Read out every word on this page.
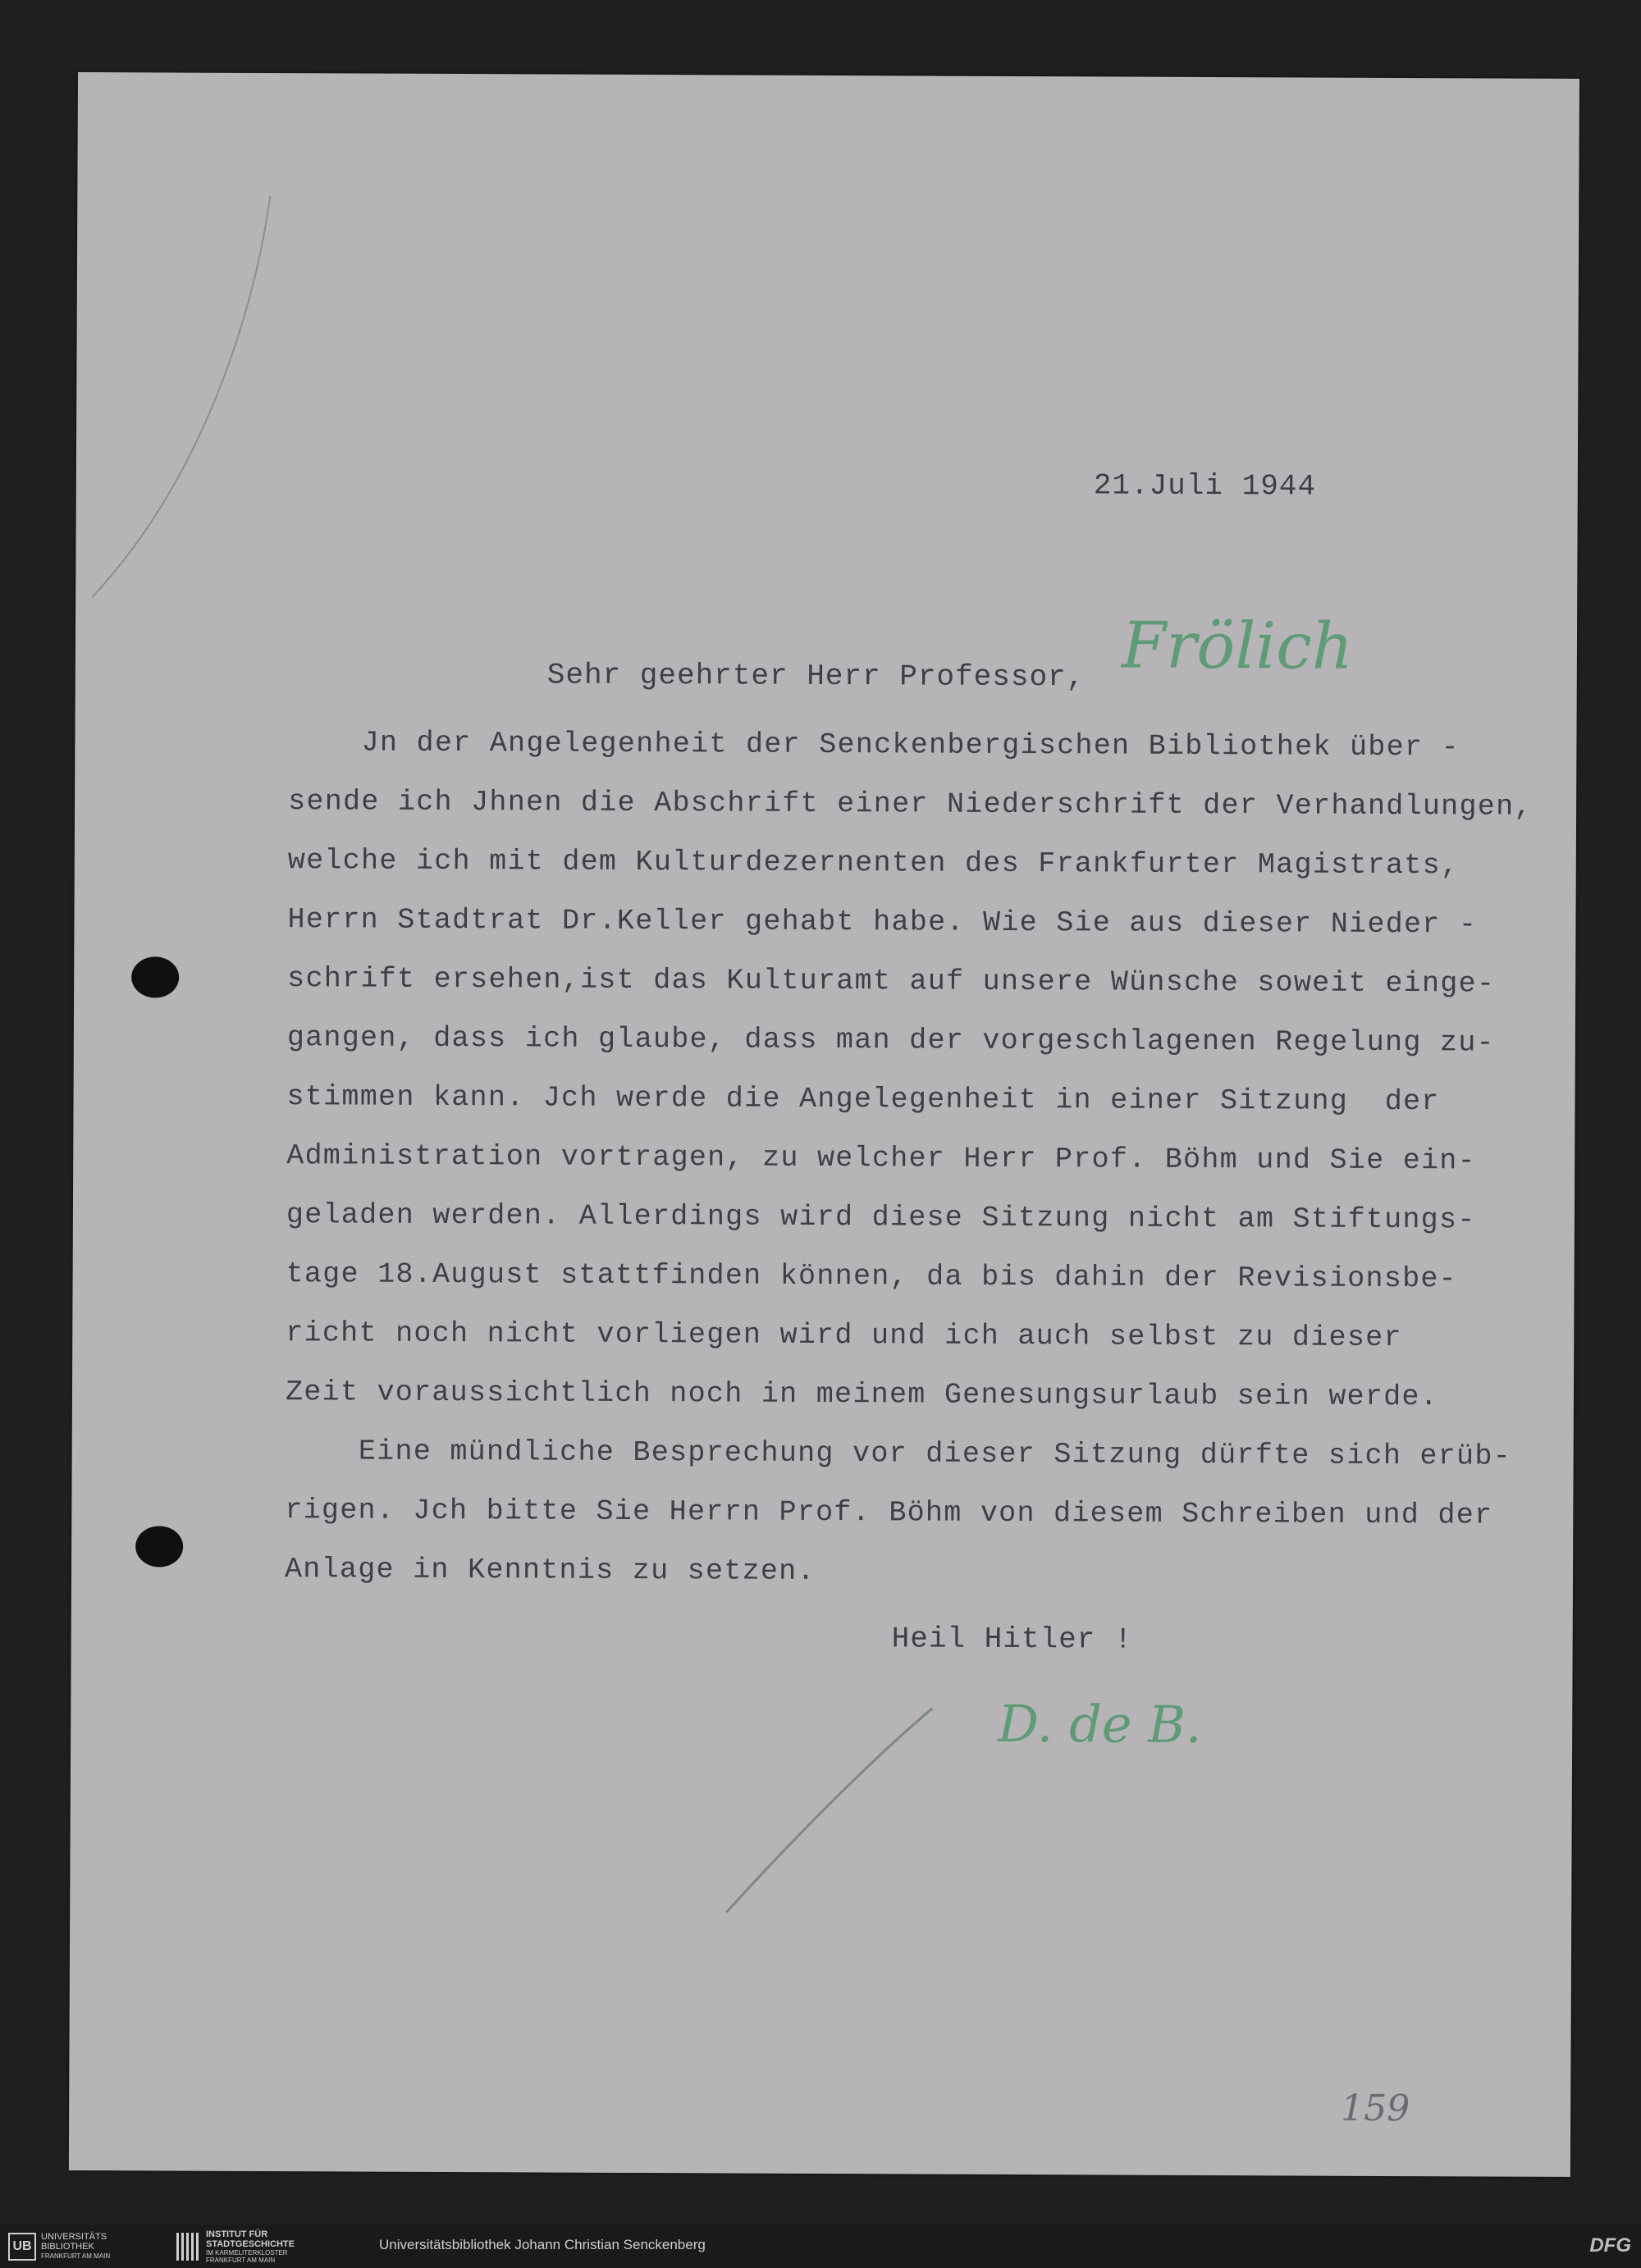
21.Juli 1944
Sehr geehrter Herr Professor, Frölich
Jn der Angelegenheit der Senckenbergischen Bibliothek über -
sende ich Jhnen die Abschrift einer Niederschrift der Verhandlungen,
welche ich mit dem Kulturdezernenten des Frankfurter Magistrats,
Herrn Stadtrat Dr.Keller gehabt habe. Wie Sie aus dieser Nieder -
schrift ersehen,ist das Kulturamt auf unsere Wünsche soweit einge-
gangen, dass ich glaube, dass man der vorgeschlagenen Regelung zu-
stimmen kann. Jch werde die Angelegenheit in einer Sitzung  der
Administration vortragen, zu welcher Herr Prof. Böhm und Sie ein-
geladen werden. Allerdings wird diese Sitzung nicht am Stiftungs-
tage 18.August stattfinden können, da bis dahin der Revisionsbe-
richt noch nicht vorliegen wird und ich auch selbst zu dieser
Zeit voraussichtlich noch in meinem Genesungsurlaub sein werde.
Eine mündliche Besprechung vor dieser Sitzung dürfte sich erüb-
rigen. Jch bitte Sie Herrn Prof. Böhm von diesem Schreiben und der
Anlage in Kenntnis zu setzen.
Heil Hitler !
D. de B.
159
UB
UNIVERSITÄTS
BIBLIOTHEK
FRANKFURT AM MAIN
INSTITUT FÜR
STADTGESCHICHTE
IM KARMELITERKLOSTER
FRANKFURT AM MAIN
Universitätsbibliothek Johann Christian Senckenberg	DFG
